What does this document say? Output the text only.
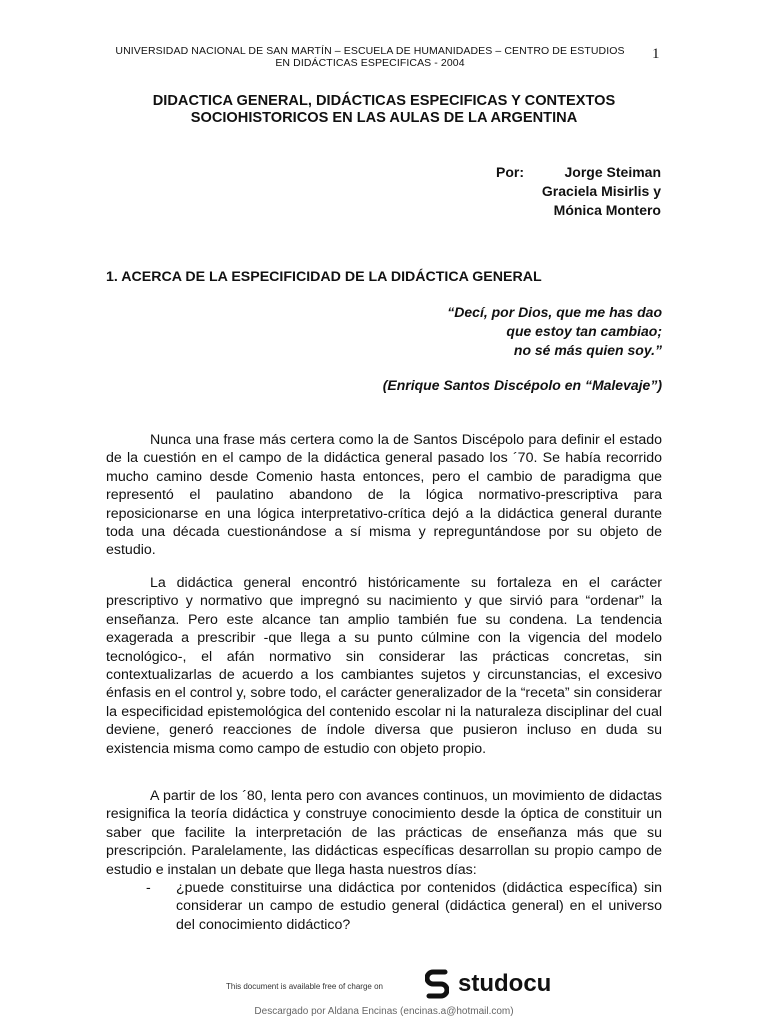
UNIVERSIDAD NACIONAL DE SAN MARTÍN – ESCUELA DE HUMANIDADES – CENTRO DE ESTUDIOS EN DIDÁCTICAS ESPECIFICAS - 2004
1
DIDACTICA GENERAL, DIDÁCTICAS ESPECIFICAS Y CONTEXTOS SOCIOHISTORICOS EN LAS AULAS DE LA ARGENTINA
Por:	Jorge Steiman
Graciela Misirlis y
Mónica Montero
1. ACERCA DE LA ESPECIFICIDAD DE LA DIDÁCTICA GENERAL
“Decí, por Dios, que me has dao
que estoy tan cambiao;
no sé más quien soy.”
(Enrique Santos Discépolo en “Malevaje”)

Nunca una frase más certera como la de Santos Discépolo para definir el estado de la cuestión en el campo de la didáctica general pasado los ´70. Se había recorrido mucho camino desde Comenio hasta entonces, pero el cambio de paradigma que representó el paulatino abandono de la lógica normativo-prescriptiva para reposicionarse en una lógica interpretativo-crítica dejó a la didáctica general durante toda una década cuestionándose a sí misma y repreguntándose por su objeto de estudio.

La didáctica general encontró históricamente su fortaleza en el carácter prescriptivo y normativo que impregnó su nacimiento y que sirvió para “ordenar” la enseñanza. Pero este alcance tan amplio también fue su condena. La tendencia exagerada a prescribir -que llega a su punto cúlmine con la vigencia del modelo tecnológico-, el afán normativo sin considerar las prácticas concretas, sin contextualizarlas de acuerdo a los cambiantes sujetos y circunstancias, el excesivo énfasis en el control y, sobre todo, el carácter generalizador de la “receta” sin considerar la especificidad epistemológica del contenido escolar ni la naturaleza disciplinar del cual deviene, generó reacciones de índole diversa que pusieron incluso en duda su existencia misma como campo de estudio con objeto propio.

A partir de los ´80, lenta pero con avances continuos, un movimiento de didactas resignifica la teoría didáctica y construye conocimiento desde la óptica de constituir un saber que facilite la interpretación de las prácticas de enseñanza más que su prescripción. Paralelamente, las didácticas específicas desarrollan su propio campo de estudio e instalan un debate que llega hasta nuestros días:

- ¿puede constituirse una didáctica por contenidos (didáctica específica) sin considerar un campo de estudio general (didáctica general) en el universo del conocimiento didáctico?
This document is available free of charge on	studocu
Descargado por Aldana Encinas (encinas.a@hotmail.com)
